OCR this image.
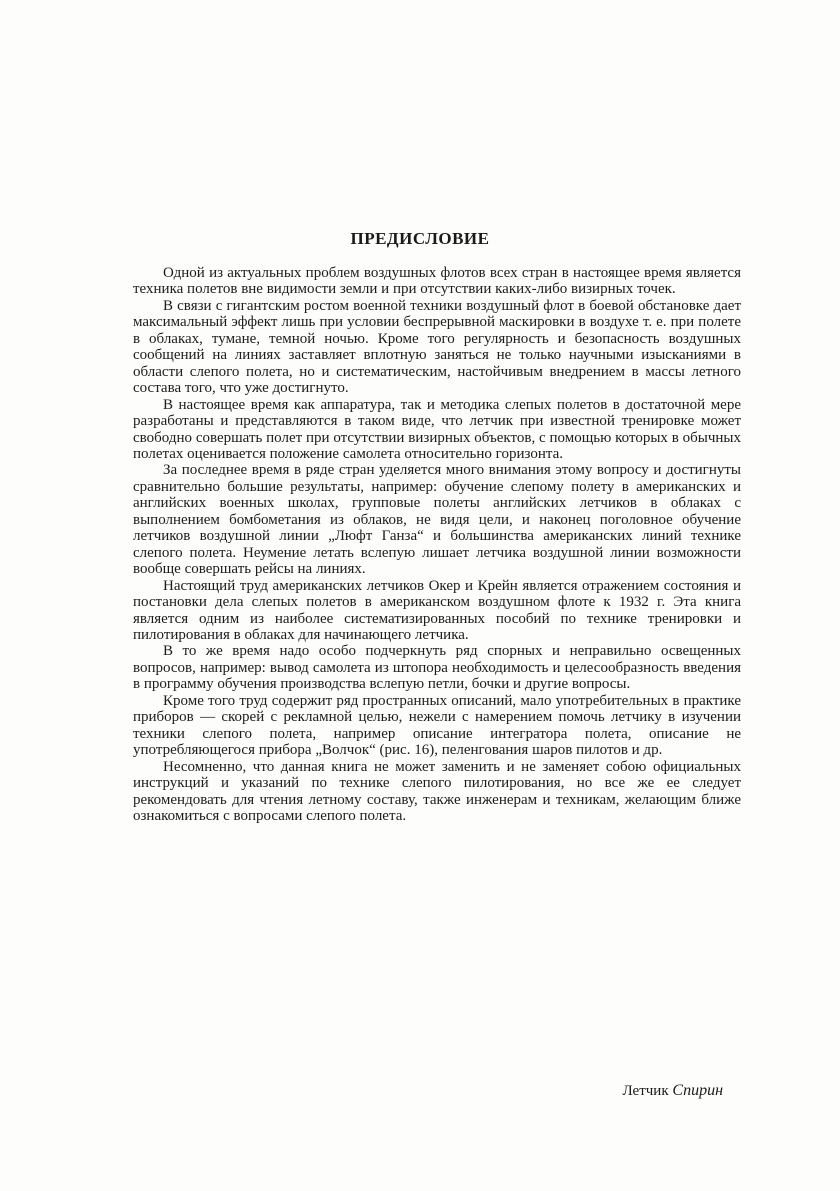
ПРЕДИСЛОВИЕ

Одной из актуальных проблем воздушных флотов всех стран в настоящее время является техника полетов вне видимости земли и при отсутствии каких-либо визирных точек.

В связи с гигантским ростом военной техники воздушный флот в боевой обстановке дает максимальный эффект лишь при условии беспрерывной маскировки в воздухе т. е. при полете в облаках, тумане, темной ночью. Кроме того регулярность и безопасность воздушных сообщений на линиях заставляет вплотную заняться не только научными изысканиями в области слепого полета, но и систематическим, настойчивым внедрением в массы летного состава того, что уже достигнуто.

В настоящее время как аппаратура, так и методика слепых полетов в достаточной мере разработаны и представляются в таком виде, что летчик при известной тренировке может свободно совершать полет при отсутствии визирных объектов, с помощью которых в обычных полетах оценивается положение самолета относительно горизонта.

За последнее время в ряде стран уделяется много внимания этому вопросу и достигнуты сравнительно большие результаты, например: обучение слепому полету в американских и английских военных школах, групповые полеты английских летчиков в облаках с выполнением бомбометания из облаков, не видя цели, и наконец поголовное обучение летчиков воздушной линии „Люфт Ганза“ и большинства американских линий технике слепого полета. Неумение летать вслепую лишает летчика воздушной линии возможности вообще совершать рейсы на линиях.

Настоящий труд американских летчиков Окер и Крейн является отражением состояния и постановки дела слепых полетов в американском воздушном флоте к 1932 г. Эта книга является одним из наиболее систематизированных пособий по технике тренировки и пилотирования в облаках для начинающего летчика.

В то же время надо особо подчеркнуть ряд спорных и неправильно освещенных вопросов, например: вывод самолета из штопора необходимость и целесообразность введения в программу обучения производства вслепую петли, бочки и другие вопросы.

Кроме того труд содержит ряд пространных описаний, мало употребительных в практике приборов — скорей с рекламной целью, нежели с намерением помочь летчику в изучении техники слепого полета, например описание интегратора полета, описание не употребляющегося прибора „Волчок“ (рис. 16), пеленгования шаров пилотов и др.

Несомненно, что данная книга не может заменить и не заменяет собою официальных инструкций и указаний по технике слепого пилотирования, но все же ее следует рекомендовать для чтения летному составу, также инженерам и техникам, желающим ближе ознакомиться с вопросами слепого полета.

Летчик Спирин
